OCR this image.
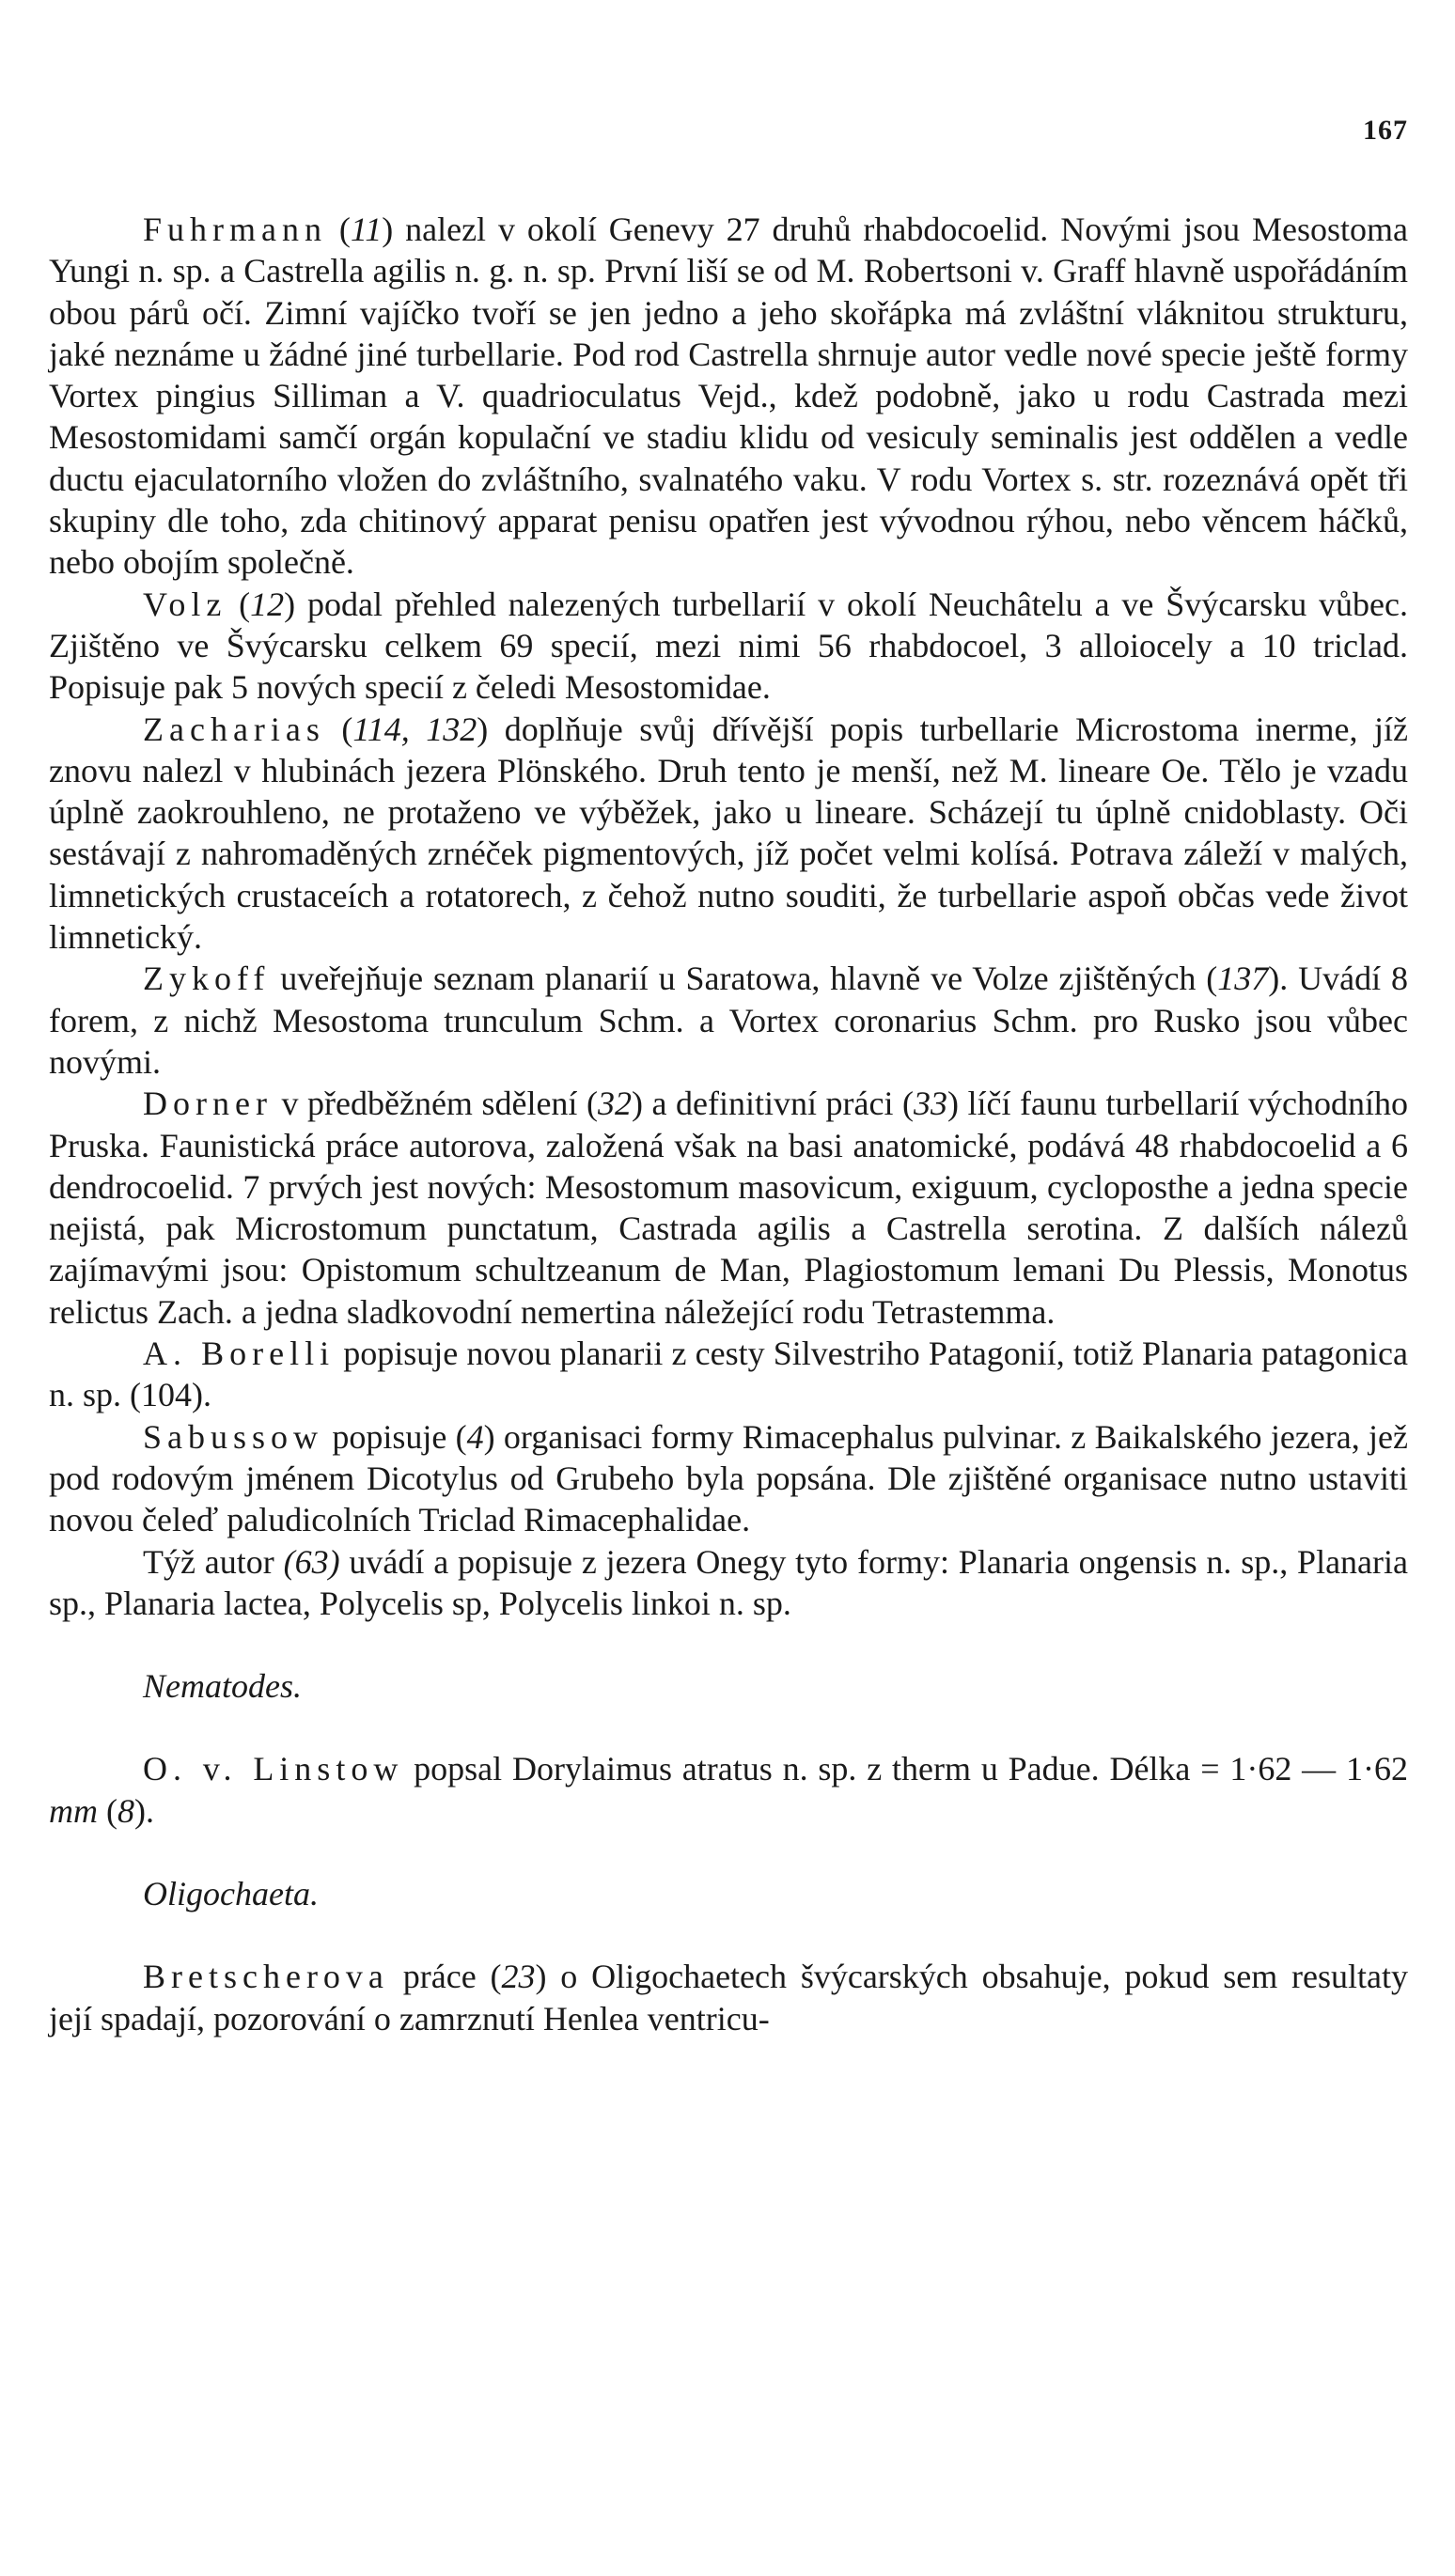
167

Fuhrmann (11) nalezl v okolí Genevy 27 druhů rhabdocoelid. Novými jsou Mesostoma Yungi n. sp. a Castrella agilis n. g. n. sp. První liší se od M. Robertsoni v. Graff hlavně uspořádáním obou párů očí. Zimní vajíčko tvoří se jen jedno a jeho skořápka má zvláštní vláknitou strukturu, jaké neznáme u žádné jiné turbellarie. Pod rod Castrella shrnuje autor vedle nové specie ještě formy Vortex pingius Silliman a V. quadrioculatus Vejd., kdež podobně, jako u rodu Castrada mezi Mesostomidami samčí orgán kopulační ve stadiu klidu od vesiculy seminalis jest oddělen a vedle ductu ejaculatorního vložen do zvláštního, svalnatého vaku. V rodu Vortex s. str. rozeznává opět tři skupiny dle toho, zda chitinový apparat penisu opatřen jest vývodnou rýhou, nebo věncem háčků, nebo obojím společně.

Volz (12) podal přehled nalezených turbellarií v okolí Neuchâtelu a ve Švýcarsku vůbec. Zjištěno ve Švýcarsku celkem 69 specií, mezi nimi 56 rhabdocoel, 3 alloiocely a 10 triclad. Popisuje pak 5 nových specií z čeledi Mesostomidae.

Zacharias (114, 132) doplňuje svůj dřívější popis turbellarie Microstoma inerme, jíž znovu nalezl v hlubinách jezera Plönského. Druh tento je menší, než M. lineare Oe. Tělo je vzadu úplně zaokrouhleno, ne protaženo ve výběžek, jako u lineare. Scházejí tu úplně cnidoblasty. Oči sestávají z nahromaděných zrnéček pigmentových, jíž počet velmi kolísá. Potrava záleží v malých, limnetických crustaceích a rotatorech, z čehož nutno souditi, že turbellarie aspoň občas vede život limnetický.

Zykoff uveřejňuje seznam planarií u Saratowa, hlavně ve Volze zjištěných (137). Uvádí 8 forem, z nichž Mesostoma trunculum Schm. a Vortex coronarius Schm. pro Rusko jsou vůbec novými.

Dorner v předběžném sdělení (32) a definitivní práci (33) líčí faunu turbellarií východního Pruska. Faunistická práce autorova, založená však na basi anatomické, podává 48 rhabdocoelid a 6 dendrocoelid. 7 prvých jest nových: Mesostomum masovicum, exiguum, cycloposthe a jedna specie nejistá, pak Microstomum punctatum, Castrada agilis a Castrella serotina. Z dalších nálezů zajímavými jsou: Opistomum schultzeanum de Man, Plagiostomum lemani Du Plessis, Monotus relictus Zach. a jedna sladkovodní nemertina náležející rodu Tetrastemma.

A. Borelli popisuje novou planarii z cesty Silvestriho Patagonií, totiž Planaria patagonica n. sp. (104).

Sabussow popisuje (4) organisaci formy Rimacephalus pulvinar. z Baikalského jezera, jež pod rodovým jménem Dicotylus od Grubeho byla popsána. Dle zjištěné organisace nutno ustaviti novou čeleď paludicolních Triclad Rimacephalidae.

Týž autor (63) uvádí a popisuje z jezera Onegy tyto formy: Planaria ongensis n. sp., Planaria sp., Planaria lactea, Polycelis sp, Polycelis linkoi n. sp.

Nematodes.

O. v. Linstow popsal Dorylaimus atratus n. sp. z therm u Padue. Délka = 1·62 — 1·62 mm (8).

Oligochaeta.

Bretscherova práce (23) o Oligochaetech švýcarských obsahuje, pokud sem resultaty její spadají, pozorování o zamrznutí Henlea ventricu-
